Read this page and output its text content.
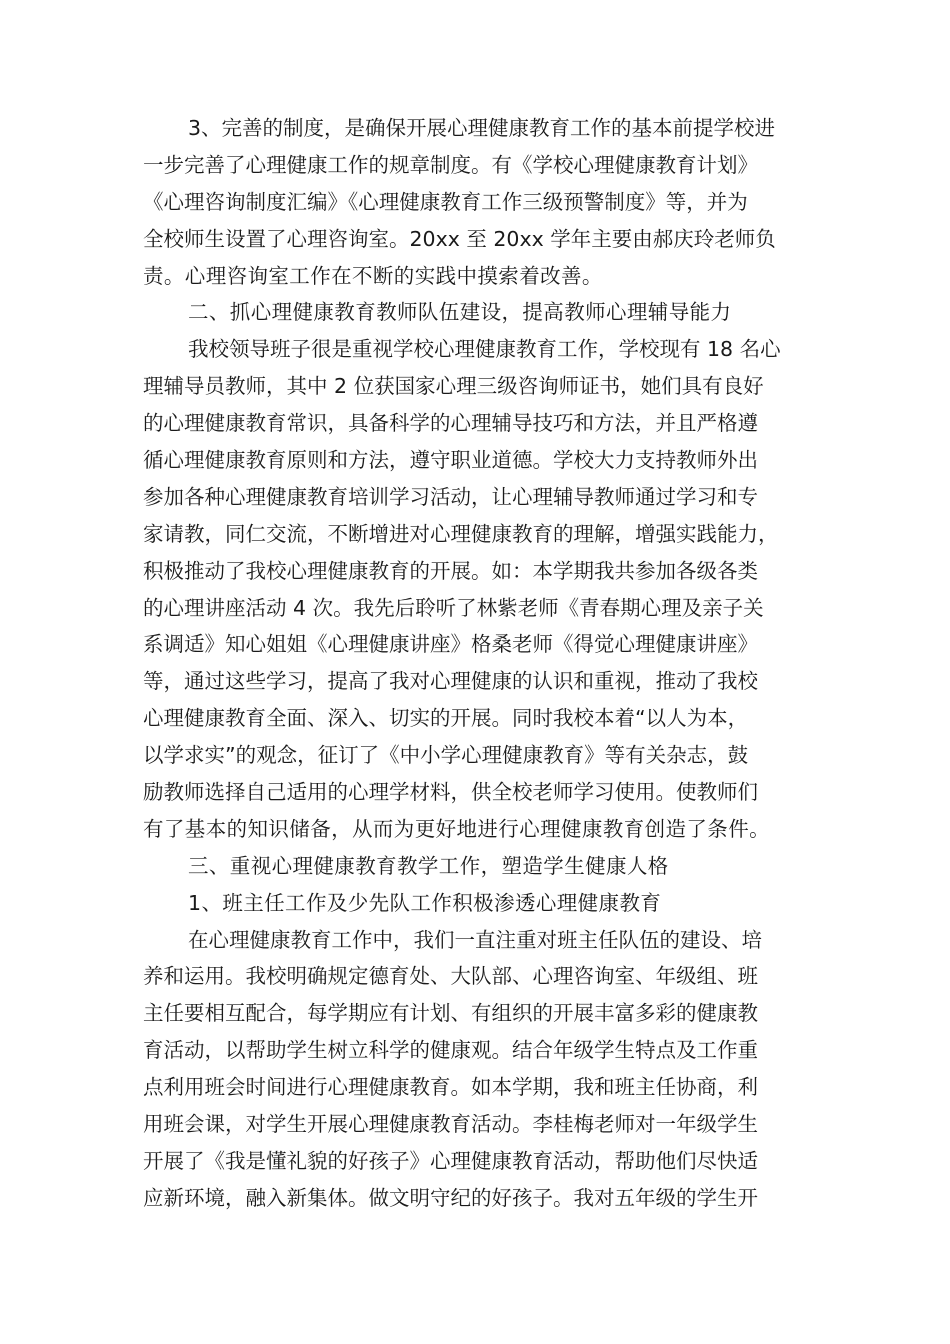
3、完善的制度，是确保开展心理健康教育工作的基本前提学校进
一步完善了心理健康工作的规章制度。有《学校心理健康教育计划》
《心理咨询制度汇编》《心理健康教育工作三级预警制度》等，并为
全校师生设置了心理咨询室。20xx 至 20xx 学年主要由郝庆玲老师负
责。心理咨询室工作在不断的实践中摸索着改善。
二、抓心理健康教育教师队伍建设，提高教师心理辅导能力
我校领导班子很是重视学校心理健康教育工作，学校现有 18 名心
理辅导员教师，其中 2 位获国家心理三级咨询师证书，她们具有良好
的心理健康教育常识，具备科学的心理辅导技巧和方法，并且严格遵
循心理健康教育原则和方法，遵守职业道德。学校大力支持教师外出
参加各种心理健康教育培训学习活动，让心理辅导教师通过学习和专
家请教，同仁交流，不断增进对心理健康教育的理解，增强实践能力，
积极推动了我校心理健康教育的开展。如：本学期我共参加各级各类
的心理讲座活动 4 次。我先后聆听了林紫老师《青春期心理及亲子关
系调适》知心姐姐《心理健康讲座》格桑老师《得觉心理健康讲座》
等，通过这些学习，提高了我对心理健康的认识和重视，推动了我校
心理健康教育全面、深入、切实的开展。同时我校本着“以人为本，
以学求实”的观念，征订了《中小学心理健康教育》等有关杂志，鼓
励教师选择自己适用的心理学材料，供全校老师学习使用。使教师们
有了基本的知识储备，从而为更好地进行心理健康教育创造了条件。
三、重视心理健康教育教学工作，塑造学生健康人格
1、班主任工作及少先队工作积极渗透心理健康教育
在心理健康教育工作中，我们一直注重对班主任队伍的建设、培
养和运用。我校明确规定德育处、大队部、心理咨询室、年级组、班
主任要相互配合，每学期应有计划、有组织的开展丰富多彩的健康教
育活动，以帮助学生树立科学的健康观。结合年级学生特点及工作重
点利用班会时间进行心理健康教育。如本学期，我和班主任协商，利
用班会课，对学生开展心理健康教育活动。李桂梅老师对一年级学生
开展了《我是懂礼貌的好孩子》心理健康教育活动，帮助他们尽快适
应新环境，融入新集体。做文明守纪的好孩子。我对五年级的学生开
